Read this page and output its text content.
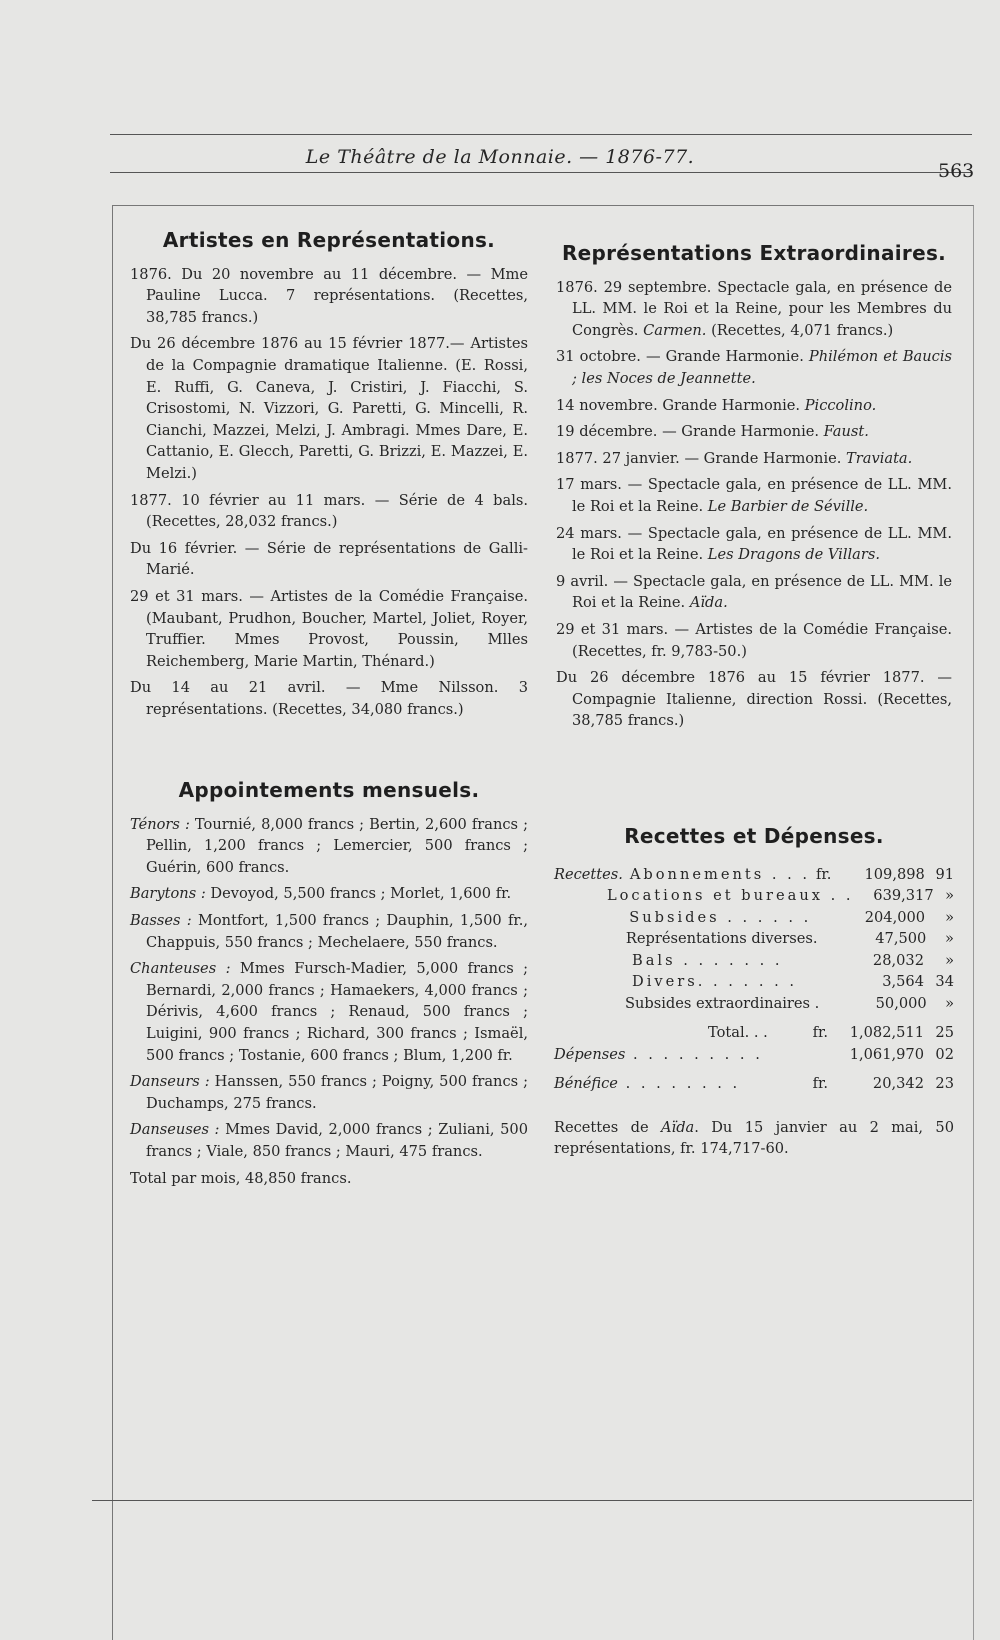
Le Théâtre de la Monnaie. — 1876-77.
563
Artistes en Représentations.

1876. Du 20 novembre au 11 décembre. — Mme Pauline Lucca. 7 représentations. (Recettes, 38,785 francs.)

Du 26 décembre 1876 au 15 février 1877.— Artistes de la Compagnie dramatique Italienne. (E. Rossi, E. Ruffi, G. Caneva, J. Cristiri, J. Fiacchi, S. Crisostomi, N. Vizzori, G. Paretti, G. Mincelli, R. Cianchi, Mazzei, Melzi, J. Ambragi. Mmes Dare, E. Cattanio, E. Glecch, Paretti, G. Brizzi, E. Mazzei, E. Melzi.)

1877. 10 février au 11 mars. — Série de 4 bals. (Recettes, 28,032 francs.)

Du 16 février. — Série de représentations de Galli-Marié.

29 et 31 mars. — Artistes de la Comédie Française. (Maubant, Prudhon, Boucher, Martel, Joliet, Royer, Truffier. Mmes Provost, Poussin, Mlles Reichemberg, Marie Martin, Thénard.)

Du 14 au 21 avril. — Mme Nilsson. 3 représentations. (Recettes, 34,080 francs.)

Appointements mensuels.

Ténors : Tournié, 8,000 francs ; Bertin, 2,600 francs ; Pellin, 1,200 francs ; Lemercier, 500 francs ; Guérin, 600 francs.

Barytons : Devoyod, 5,500 francs ; Morlet, 1,600 fr.

Basses : Montfort, 1,500 francs ; Dauphin, 1,500 fr., Chappuis, 550 francs ; Mechelaere, 550 francs.

Chanteuses : Mmes Fursch-Madier, 5,000 francs ; Bernardi, 2,000 francs ; Hamaekers, 4,000 francs ; Dérivis, 4,600 francs ; Renaud, 500 francs ; Luigini, 900 francs ; Richard, 300 francs ; Ismaël, 500 francs ; Tostanie, 600 francs ; Blum, 1,200 fr.

Danseurs : Hanssen, 550 francs ; Poigny, 500 francs ; Duchamps, 275 francs.

Danseuses : Mmes David, 2,000 francs ; Zuliani, 500 francs ; Viale, 850 francs ; Mauri, 475 francs.

Total par mois, 48,850 francs.

Représentations Extraordinaires.

1876. 29 septembre. Spectacle gala, en présence de LL. MM. le Roi et la Reine, pour les Membres du Congrès. Carmen. (Recettes, 4,071 francs.)

31 octobre. — Grande Harmonie. Philémon et Baucis ; les Noces de Jeannette.

14 novembre. Grande Harmonie. Piccolino.

19 décembre. — Grande Harmonie. Faust.

1877. 27 janvier. — Grande Harmonie. Traviata.

17 mars. — Spectacle gala, en présence de LL. MM. le Roi et la Reine. Le Barbier de Séville.

24 mars. — Spectacle gala, en présence de LL. MM. le Roi et la Reine. Les Dragons de Villars.

9 avril. — Spectacle gala, en présence de LL. MM. le Roi et la Reine. Aïda.

29 et 31 mars. — Artistes de la Comédie Française. (Recettes, fr. 9,783-50.)

Du 26 décembre 1876 au 15 février 1877. — Compagnie Italienne, direction Rossi. (Recettes, 38,785 francs.)

Recettes et Dépenses.
Recettes. Abonnements . . . fr.	109,898 91
Locations et bureaux . .	639,317 »
Subsides . . . . . .	204,000	»
Représentations diverses.	47,500	»
Bals . . . . . . .	28,032	»
Divers. . . . . . .	3,564 34
Subsides extraordinaires .	50,000	»
Total. . .	fr.	1,082,511 25
Dépenses . . . . . . . . .	1,061,970 02
Bénéfice . . . . . . . .	fr.	20,342 23

Recettes de Aïda. Du 15 janvier au 2 mai, 50 représentations, fr. 174,717-60.
